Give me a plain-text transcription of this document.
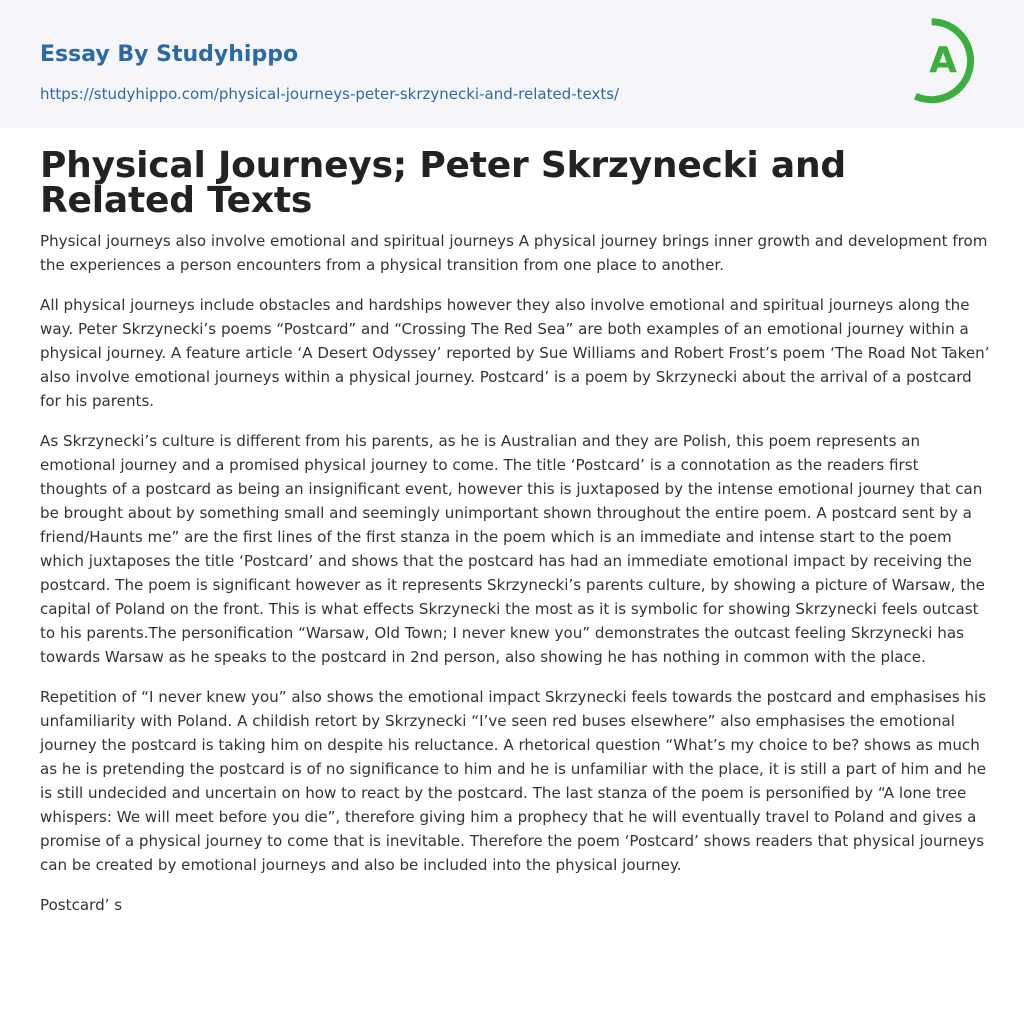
Essay By Studyhippo
https://studyhippo.com/physical-journeys-peter-skrzynecki-and-related-texts/
A
Physical Journeys; Peter Skrzynecki and Related Texts

Physical journeys also involve emotional and spiritual journeys A physical journey brings inner growth and development from the experiences a person encounters from a physical transition from one place to another.

All physical journeys include obstacles and hardships however they also involve emotional and spiritual journeys along the way. Peter Skrzynecki’s poems “Postcard” and “Crossing The Red Sea” are both examples of an emotional journey within a physical journey. A feature article ‘A Desert Odyssey’ reported by Sue Williams and Robert Frost’s poem ‘The Road Not Taken’ also involve emotional journeys within a physical journey. Postcard’ is a poem by Skrzynecki about the arrival of a postcard for his parents.

As Skrzynecki’s culture is different from his parents, as he is Australian and they are Polish, this poem represents an emotional journey and a promised physical journey to come. The title ‘Postcard’ is a connotation as the readers first thoughts of a postcard as being an insignificant event, however this is juxtaposed by the intense emotional journey that can be brought about by something small and seemingly unimportant shown throughout the entire poem. A postcard sent by a friend/Haunts me” are the first lines of the first stanza in the poem which is an immediate and intense start to the poem which juxtaposes the title ‘Postcard’ and shows that the postcard has had an immediate emotional impact by receiving the postcard. The poem is significant however as it represents Skrzynecki’s parents culture, by showing a picture of Warsaw, the capital of Poland on the front. This is what effects Skrzynecki the most as it is symbolic for showing Skrzynecki feels outcast to his parents.The personification “Warsaw, Old Town; I never knew you” demonstrates the outcast feeling Skrzynecki has towards Warsaw as he speaks to the postcard in 2nd person, also showing he has nothing in common with the place.

Repetition of “I never knew you” also shows the emotional impact Skrzynecki feels towards the postcard and emphasises his unfamiliarity with Poland. A childish retort by Skrzynecki “I’ve seen red buses elsewhere” also emphasises the emotional journey the postcard is taking him on despite his reluctance. A rhetorical question “What’s my choice to be? shows as much as he is pretending the postcard is of no significance to him and he is unfamiliar with the place, it is still a part of him and he is still undecided and uncertain on how to react by the postcard. The last stanza of the poem is personified by “A lone tree whispers: We will meet before you die”, therefore giving him a prophecy that he will eventually travel to Poland and gives a promise of a physical journey to come that is inevitable. Therefore the poem ‘Postcard’ shows readers that physical journeys can be created by emotional journeys and also be included into the physical journey.

Postcard’ s
